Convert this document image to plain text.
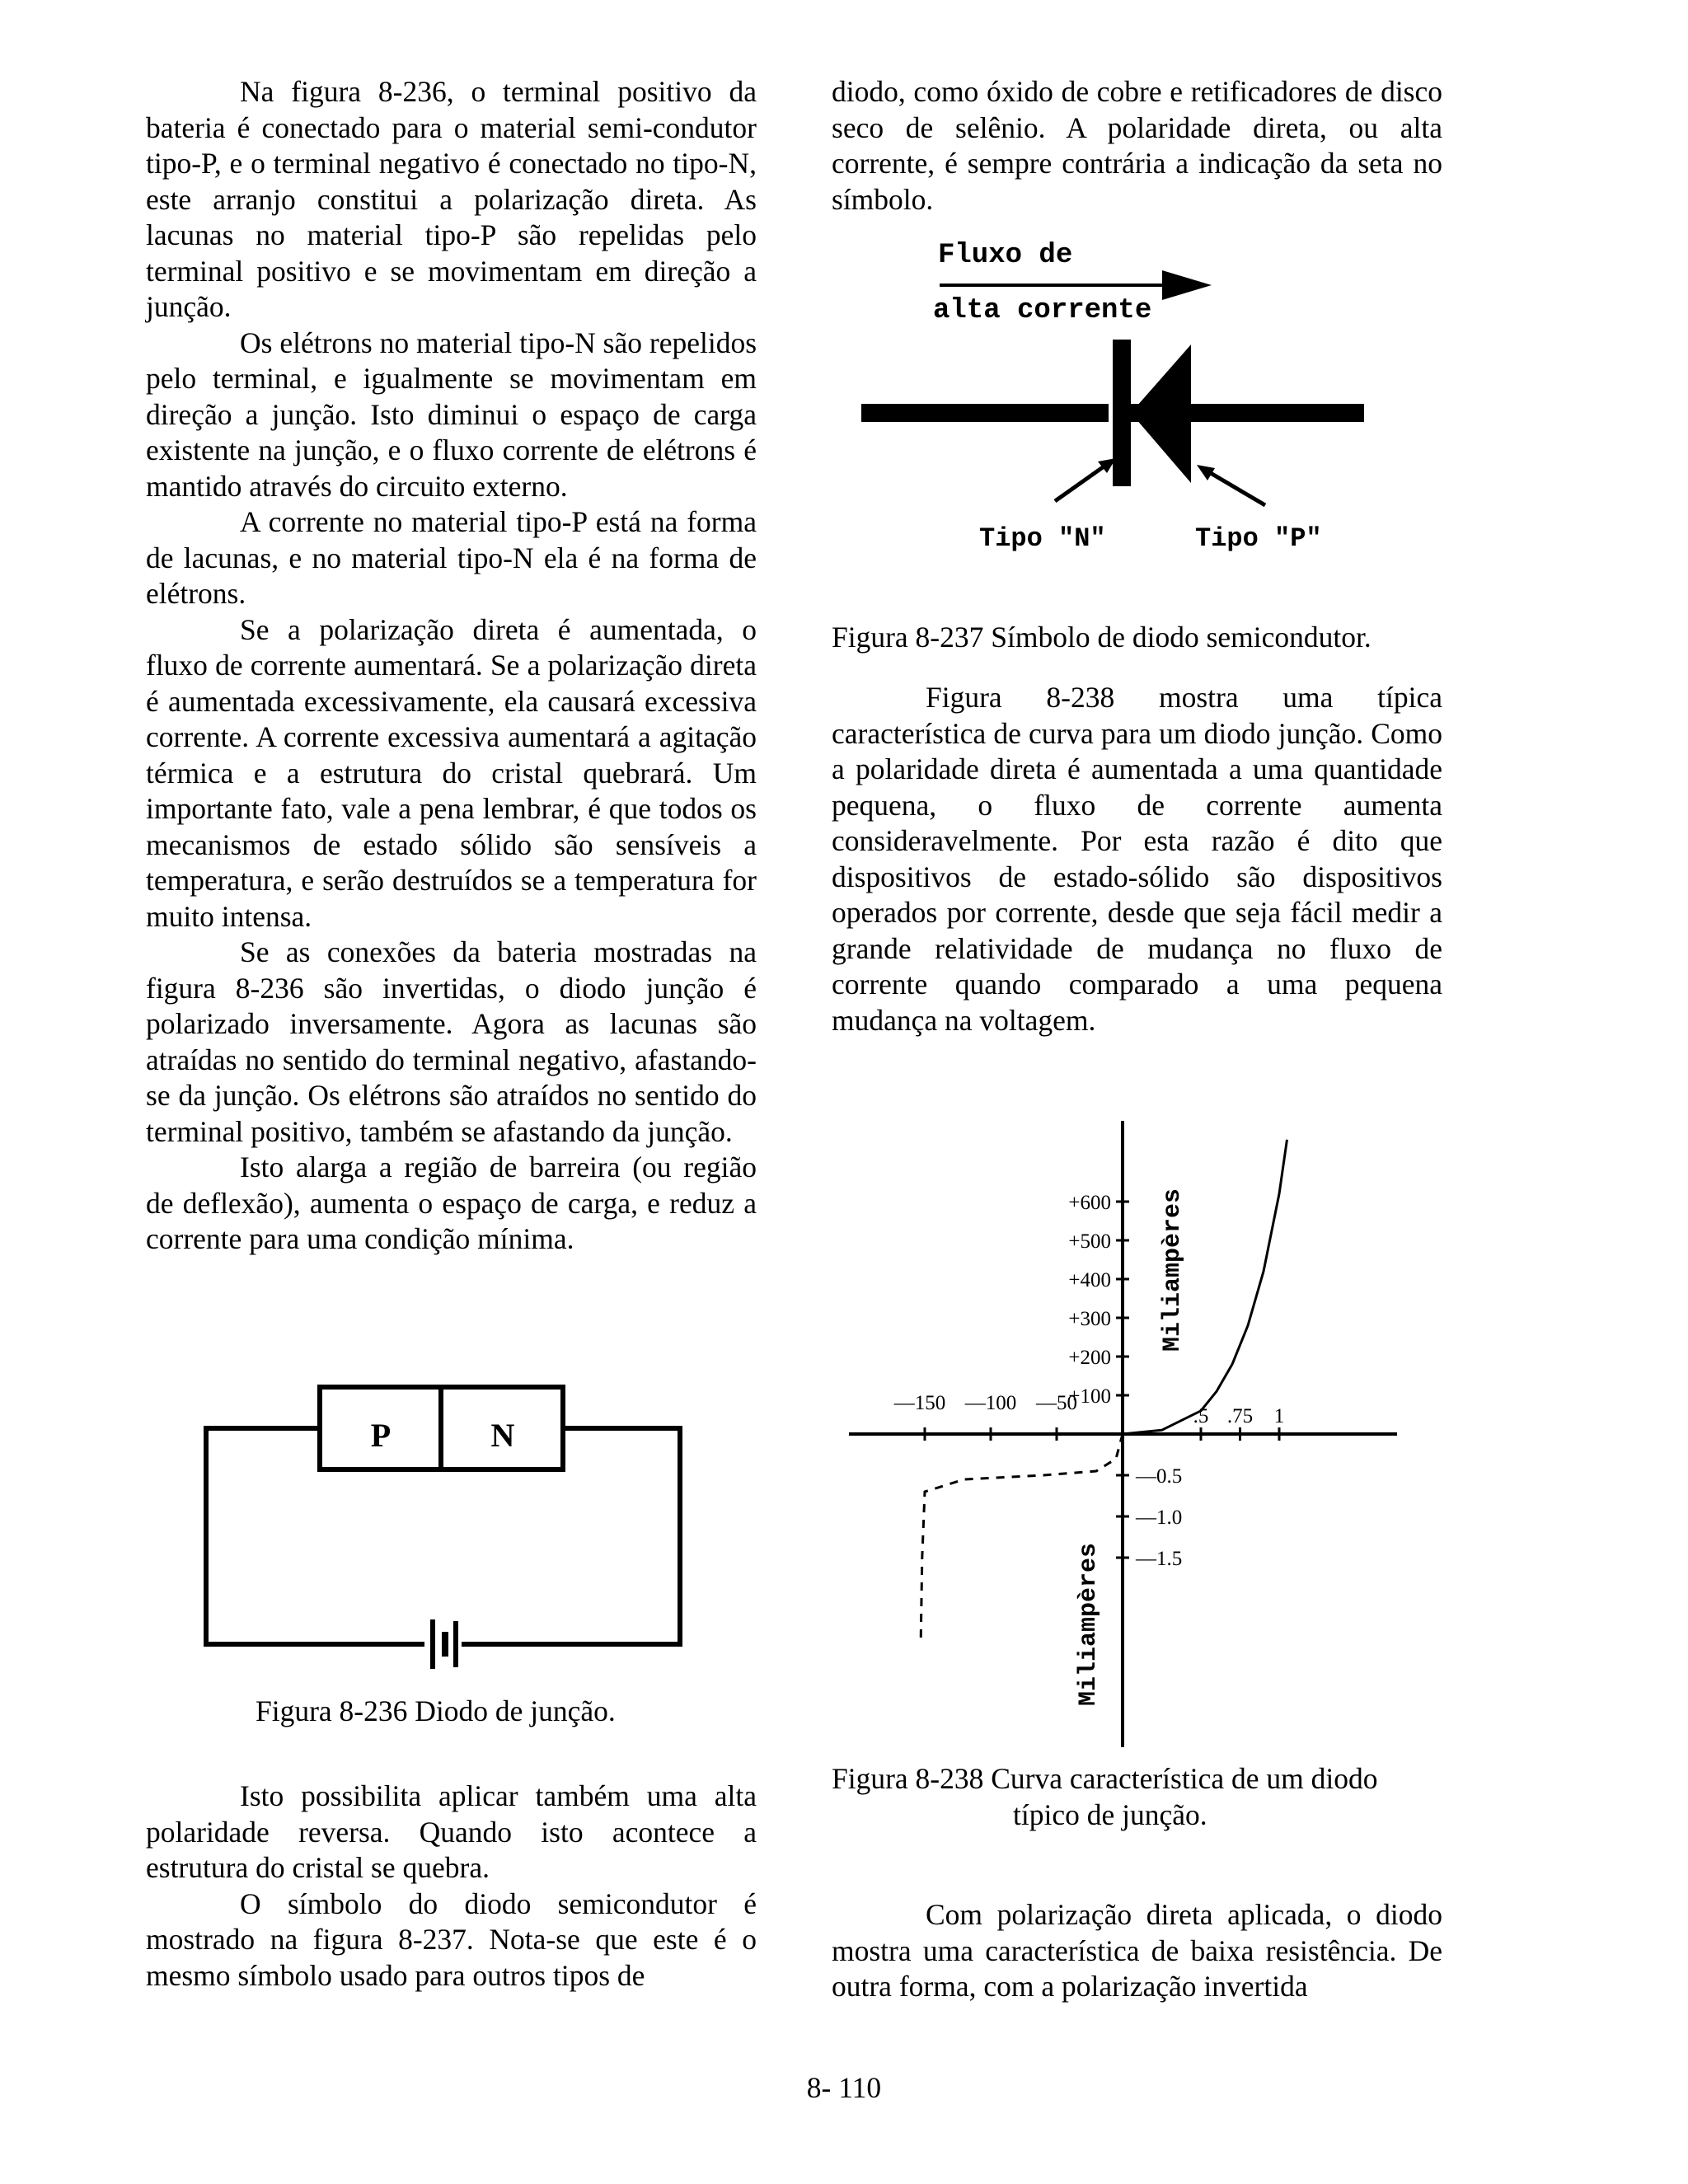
Na figura 8-236, o terminal positivo da bateria é conectado para o material semi-condutor tipo-P, e o terminal negativo é conectado no tipo-N, este arranjo constitui a polarização direta. As lacunas no material tipo-P são repelidas pelo terminal positivo e se movimentam em direção a junção.

Os elétrons no material tipo-N são repelidos pelo terminal, e igualmente se movimentam em direção a junção. Isto diminui o espaço de carga existente na junção, e o fluxo corrente de elétrons é mantido através do circuito externo.

A corrente no material tipo-P está na forma de lacunas, e no material tipo-N ela é na forma de elétrons.

Se a polarização direta é aumentada, o fluxo de corrente aumentará. Se a polarização direta é aumentada excessivamente, ela causará excessiva corrente. A corrente excessiva aumentará a agitação térmica e a estrutura do cristal quebrará. Um importante fato, vale a pena lembrar, é que todos os mecanismos de estado sólido são sensíveis a temperatura, e serão destruídos se a temperatura for muito intensa.

Se as conexões da bateria mostradas na figura 8-236 são invertidas, o diodo junção é polarizado inversamente. Agora as lacunas são atraídas no sentido do terminal negativo, afastando-se da junção. Os elétrons são atraídos no sentido do terminal positivo, também se afastando da junção.

Isto alarga a região de barreira (ou região de deflexão), aumenta o espaço de carga, e reduz a corrente para uma condição mínima.

P	N
Figura 8-236 Diodo de junção.

Isto possibilita aplicar também uma alta polaridade reversa. Quando isto acontece a estrutura do cristal se quebra.

O símbolo do diodo semicondutor é mostrado na figura 8-237. Nota-se que este é o mesmo símbolo usado para outros tipos de

diodo, como óxido de cobre e retificadores de disco seco de selênio. A polaridade direta, ou alta corrente, é sempre contrária a indicação da seta no símbolo.

Fluxo de
alta corrente
Tipo "N"	Tipo "P"
Figura 8-237 Símbolo de diodo semicondutor.

Figura 8-238 mostra uma típica característica de curva para um diodo junção. Como a polaridade direta é aumentada a uma quantidade pequena, o fluxo de corrente aumenta consideravelmente. Por esta razão é dito que dispositivos de estado-sólido são dispositivos operados por corrente, desde que seja fácil medir a grande relatividade de mudança no fluxo de corrente quando comparado a uma pequena mudança na voltagem.

+600
+500
+400
+300
+200
+100
—0.5
—1.0
—1.5
—150 —100 —50
.5 .75 1
Miliampères
Miliampères
Figura 8-238 Curva característica de um diodo
típico de junção.

Com polarização direta aplicada, o diodo mostra uma característica de baixa resistência. De outra forma, com a polarização invertida

8- 110
